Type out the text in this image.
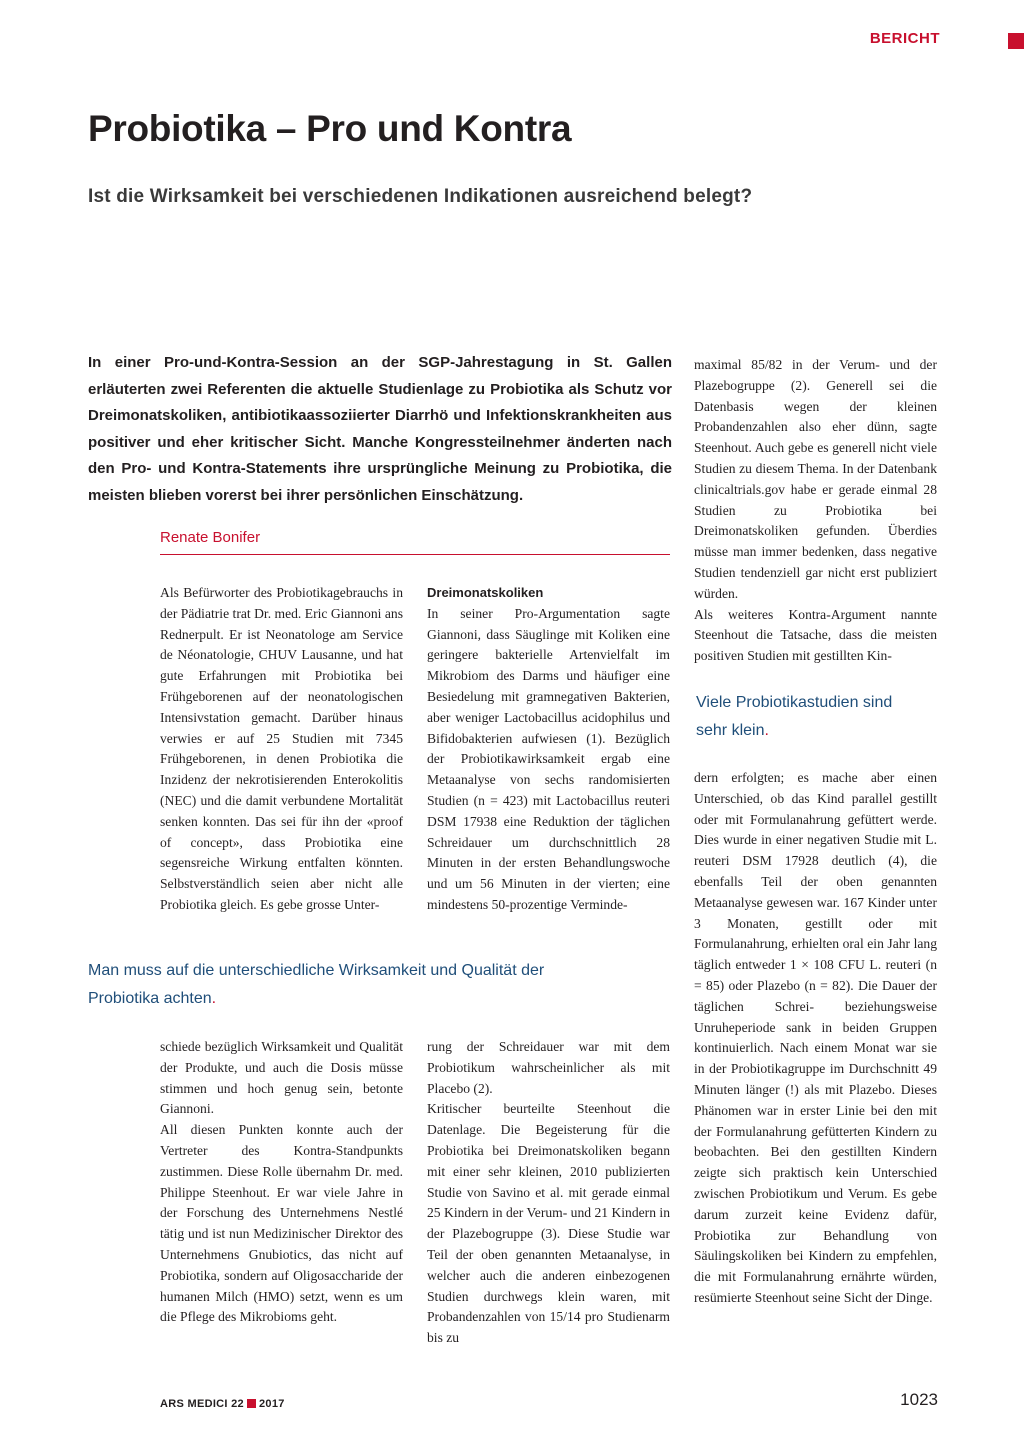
BERICHT
Probiotika – Pro und Kontra
Ist die Wirksamkeit bei verschiedenen Indikationen ausreichend belegt?

In einer Pro-und-Kontra-Session an der SGP-Jahrestagung in St. Gallen erläuterten zwei Referenten die aktuelle Studienlage zu Probiotika als Schutz vor Dreimonatskoliken, antibiotikaassoziierter Diarrhö und Infektionskrankheiten aus positiver und eher kritischer Sicht. Manche Kongressteilnehmer änderten nach den Pro- und Kontra-Statements ihre ursprüngliche Meinung zu Probiotika, die meisten blieben vorerst bei ihrer persönlichen Einschätzung.

Renate Bonifer

Als Befürworter des Probiotikagebrauchs in der Pädiatrie trat Dr. med. Eric Giannoni ans Rednerpult. Er ist Neonatologe am Service de Néonatologie, CHUV Lausanne, und hat gute Erfahrungen mit Probiotika bei Frühgeborenen auf der neonatologischen Intensivstation gemacht. Darüber hinaus verwies er auf 25 Studien mit 7345 Frühgeborenen, in denen Probiotika die Inzidenz der nekrotisierenden Enterokolitis (NEC) und die damit verbundene Mortalität senken konnten. Das sei für ihn der «proof of concept», dass Probiotika eine segensreiche Wirkung entfalten könnten. Selbstverständlich seien aber nicht alle Probiotika gleich. Es gebe grosse Unter-

Dreimonatskoliken

In seiner Pro-Argumentation sagte Giannoni, dass Säuglinge mit Koliken eine geringere bakterielle Artenvielfalt im Mikrobiom des Darms und häufiger eine Besiedelung mit gramnegativen Bakterien, aber weniger Lactobacillus acidophilus und Bifidobakterien aufwiesen (1). Bezüglich der Probiotikawirksamkeit ergab eine Metaanalyse von sechs randomisierten Studien (n = 423) mit Lactobacillus reuteri DSM 17938 eine Reduktion der täglichen Schreidauer um durchschnittlich 28 Minuten in der ersten Behandlungswoche und um 56 Minuten in der vierten; eine mindestens 50-prozentige Verminde-

Man muss auf die unterschiedliche Wirksamkeit und Qualität der Probiotika achten.

schiede bezüglich Wirksamkeit und Qualität der Produkte, und auch die Dosis müsse stimmen und hoch genug sein, betonte Giannoni.

All diesen Punkten konnte auch der Vertreter des Kontra-Standpunkts zustimmen. Diese Rolle übernahm Dr. med. Philippe Steenhout. Er war viele Jahre in der Forschung des Unternehmens Nestlé tätig und ist nun Medizinischer Direktor des Unternehmens Gnubiotics, das nicht auf Probiotika, sondern auf Oligosaccharide der humanen Milch (HMO) setzt, wenn es um die Pflege des Mikrobioms geht.

rung der Schreidauer war mit dem Probiotikum wahrscheinlicher als mit Placebo (2).

Kritischer beurteilte Steenhout die Datenlage. Die Begeisterung für die Probiotika bei Dreimonatskoliken begann mit einer sehr kleinen, 2010 publizierten Studie von Savino et al. mit gerade einmal 25 Kindern in der Verum- und 21 Kindern in der Plazebogruppe (3). Diese Studie war Teil der oben genannten Metaanalyse, in welcher auch die anderen einbezogenen Studien durchwegs klein waren, mit Probandenzahlen von 15/14 pro Studienarm bis zu

maximal 85/82 in der Verum- und der Plazebogruppe (2). Generell sei die Datenbasis wegen der kleinen Probandenzahlen also eher dünn, sagte Steenhout. Auch gebe es generell nicht viele Studien zu diesem Thema. In der Datenbank clinicaltrials.gov habe er gerade einmal 28 Studien zu Probiotika bei Dreimonatskoliken gefunden. Überdies müsse man immer bedenken, dass negative Studien tendenziell gar nicht erst publiziert würden.

Als weiteres Kontra-Argument nannte Steenhout die Tatsache, dass die meisten positiven Studien mit gestillten Kin-

Viele Probiotikastudien sind sehr klein.

dern erfolgten; es mache aber einen Unterschied, ob das Kind parallel gestillt oder mit Formulanahrung gefüttert werde. Dies wurde in einer negativen Studie mit L. reuteri DSM 17928 deutlich (4), die ebenfalls Teil der oben genannten Metaanalyse gewesen war. 167 Kinder unter 3 Monaten, gestillt oder mit Formulanahrung, erhielten oral ein Jahr lang täglich entweder 1 × 108 CFU L. reuteri (n = 85) oder Plazebo (n = 82). Die Dauer der täglichen Schrei- beziehungsweise Unruheperiode sank in beiden Gruppen kontinuierlich. Nach einem Monat war sie in der Probiotikagruppe im Durchschnitt 49 Minuten länger (!) als mit Plazebo. Dieses Phänomen war in erster Linie bei den mit der Formulanahrung gefütterten Kindern zu beobachten. Bei den gestillten Kindern zeigte sich praktisch kein Unterschied zwischen Probiotikum und Verum. Es gebe darum zurzeit keine Evidenz dafür, Probiotika zur Behandlung von Säulingskoliken bei Kindern zu empfehlen, die mit Formulanahrung ernährte würden, resümierte Steenhout seine Sicht der Dinge.

ARS MEDICI 22 2017	1023
